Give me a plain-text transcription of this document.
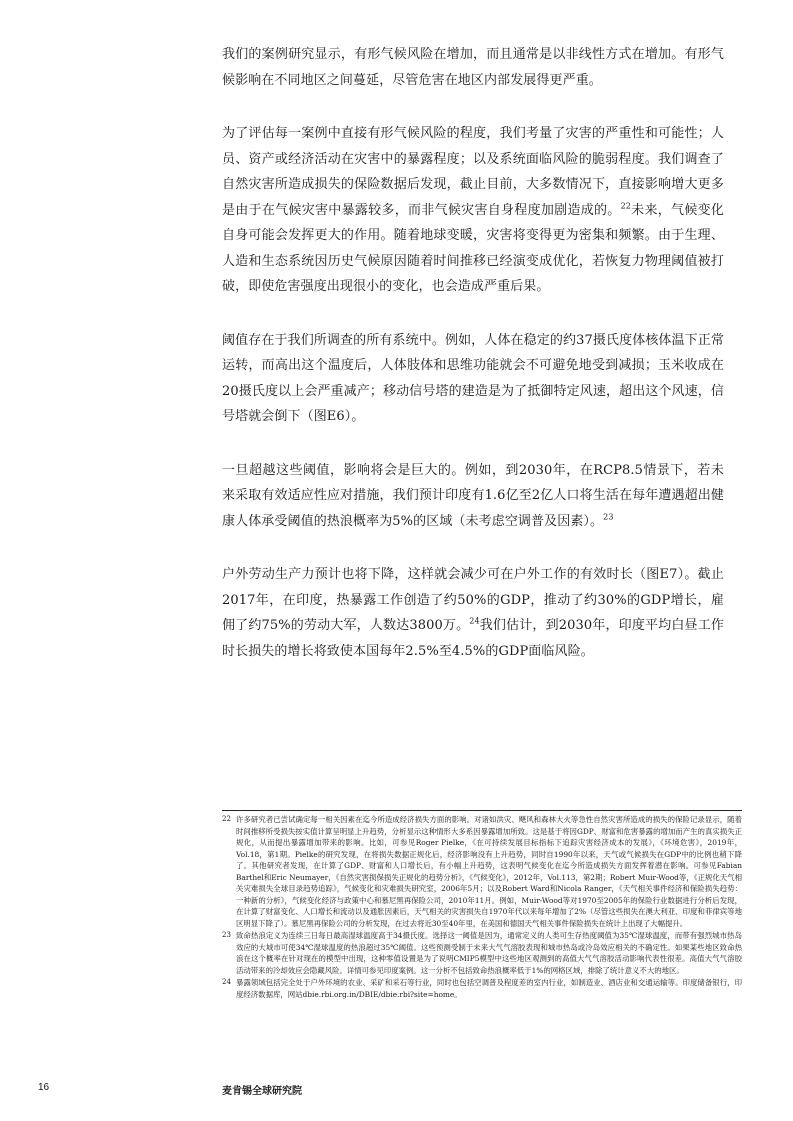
我们的案例研究显示，有形气候风险在增加，而且通常是以非线性方式在增加。有形气候影响在不同地区之间蔓延，尽管危害在地区内部发展得更严重。

为了评估每一案例中直接有形气候风险的程度，我们考量了灾害的严重性和可能性；人员、资产或经济活动在灾害中的暴露程度；以及系统面临风险的脆弱程度。我们调查了自然灾害所造成损失的保险数据后发现，截止目前，大多数情况下，直接影响增大更多是由于在气候灾害中暴露较多，而非气候灾害自身程度加剧造成的。$^{22}$未来，气候变化自身可能会发挥更大的作用。随着地球变暖，灾害将变得更为密集和频繁。由于生理、人造和生态系统因历史气候原因随着时间推移已经演变成优化，若恢复力物理阈值被打破，即使危害强度出现很小的变化，也会造成严重后果。

阈值存在于我们所调查的所有系统中。例如，人体在稳定的约37摄氏度体核体温下正常运转，而高出这个温度后，人体肢体和思维功能就会不可避免地受到减损；玉米收成在20摄氏度以上会严重减产；移动信号塔的建造是为了抵御特定风速，超出这个风速，信号塔就会倒下（图E6）。

一旦超越这些阈值，影响将会是巨大的。例如，到2030年，在RCP8.5情景下，若未来采取有效适应性应对措施，我们预计印度有1.6亿至2亿人口将生活在每年遭遇超出健康人体承受阈值的热浪概率为5%的区域（未考虑空调普及因素）。$^{23}$

户外劳动生产力预计也将下降，这样就会减少可在户外工作的有效时长（图E7）。截止2017年，在印度，热暴露工作创造了约50%的GDP，推动了约30%的GDP增长，雇佣了约75%的劳动大军，人数达3800万。$^{24}$我们估计，到2030年，印度平均白昼工作时长损失的增长将致使本国每年2.5%至4.5%的GDP面临风险。

22 许多研究者已尝试确定每一相关因素在迄今所造成经济损失方面的影响。对诸如洪灾、飓风和森林大火等急性自然灾害所造成的损失的保险记录显示，随着时间推移所受损失按实值计算呈明显上升趋势，分析显示这种情形大多系因暴露增加所致。这是基于将因GDP、财富和危害暴露的增加而产生的真实损失正规化，从而提出暴露增加带来的影响。比如，可参见Roger Pielke，《在可持续发展目标指标下追踪灾害经济成本的发展》，《环境危害》，2019年，Vol.18，第1期。Pielke的研究发现，在将损失数据正规化后，经济影响没有上升趋势，同时自1990年以来，天气或气候损失在GDP中的比例也稍下降了。其他研究者发现，在计算了GDP、财富和人口增长后，有小幅上升趋势，这表明气候变化在迄今所造成损失方面发挥着潜在影响。可参见Fabian Barthel和Eric Neumayer，《自然灾害损保损失正规化的趋势分析》，《气候变化》，2012年，Vol.113，第2期；Robert Muir-Wood等，《正规化天气相关灾难损失全球目录趋势追踪》，气候变化和灾难损失研究室，2006年5月；以及Robert Ward和Nicola Ranger，《天气相关事件经济和保险损失趋势：一种新的分析》，气候变化经济与政策中心和慕尼黑再保险公司，2010年11月。例如，Muir-Wood等对1970至2005年的保险行业数据进行分析后发现，在计算了财富变化、人口增长和流动以及通胀因素后，天气相关的灾害损失自1970年代以来每年增加了2%（尽管这些损失在澳大利亚、印度和菲律宾等地区明显下降了）。慕尼黑再保险公司的分析发现，在过去将近30至40年里，在美国和德国天气相关事件保险损失在统计上出现了大幅提升。
23 致命热浪定义为连续三日每日最高湿球温度高于34摄氏度。选择这一阈值是因为，通常定义的人类可生存热度阈值为35℃湿球温度，而带有强烈城市热岛效应的大城市可使34℃湿球温度的热浪超过35℃阈值。这些预测受制于未来大气气溶胶表现和城市热岛或冷岛效应相关的不确定性。如果某些地区致命热浪在这个概率在针对现在的模型中出现，这种零值设置是为了说明CMIP5模型中这些地区观测到的高值大气气溶胶活动影响代表性很差。高值大气气溶胶活动带来的冷却效应会隐藏风险。详情可参见印度案例。这一分析不包括致命热浪概率低于1%的网格区域，排除了统计意义不大的地区。
24 暴露领域包括完全处于户外环境的农业、采矿和采石等行业，同时也包括空调普及程度差的室内行业，如制造业、酒店业和交通运输等。印度储备银行，印度经济数据库，网站dbie.rbi.org.in/DBIE/dbie.rbi?site=home。
16	麦肯锡全球研究院
